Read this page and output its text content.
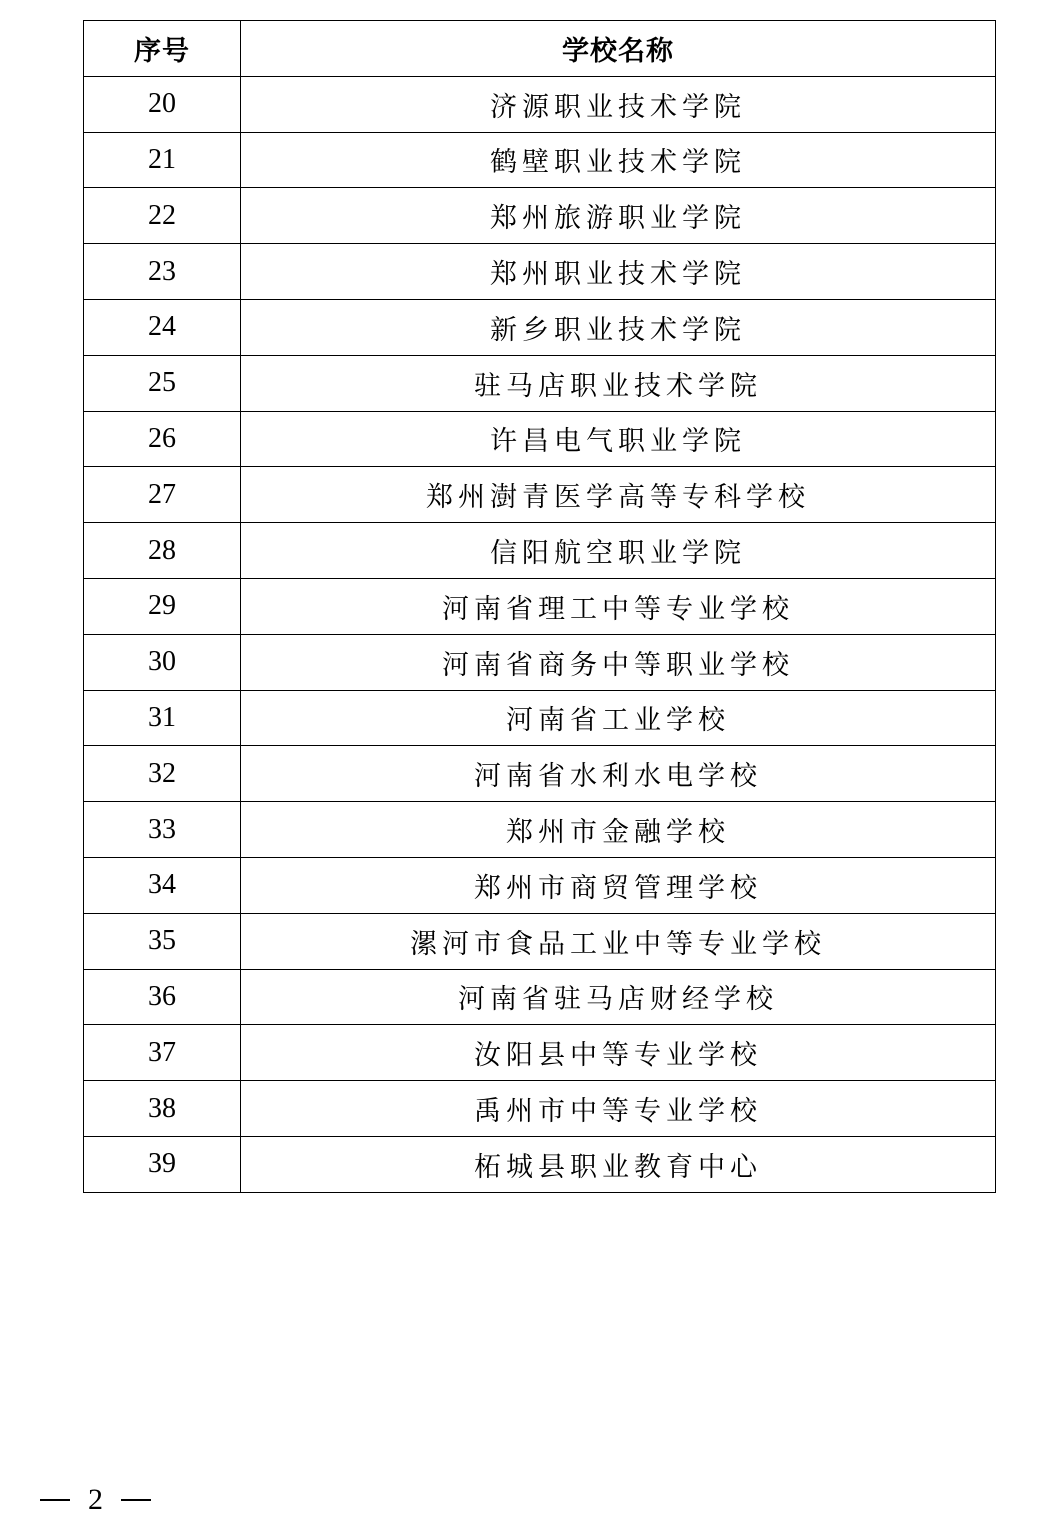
序号	学校名称
20	济源职业技术学院
21	鹤壁职业技术学院
22	郑州旅游职业学院
23	郑州职业技术学院
24	新乡职业技术学院
25	驻马店职业技术学院
26	许昌电气职业学院
27	郑州澍青医学高等专科学校
28	信阳航空职业学院
29	河南省理工中等专业学校
30	河南省商务中等职业学校
31	河南省工业学校
32	河南省水利水电学校
33	郑州市金融学校
34	郑州市商贸管理学校
35	漯河市食品工业中等专业学校
36	河南省驻马店财经学校
37	汝阳县中等专业学校
38	禹州市中等专业学校
39	柘城县职业教育中心
2
